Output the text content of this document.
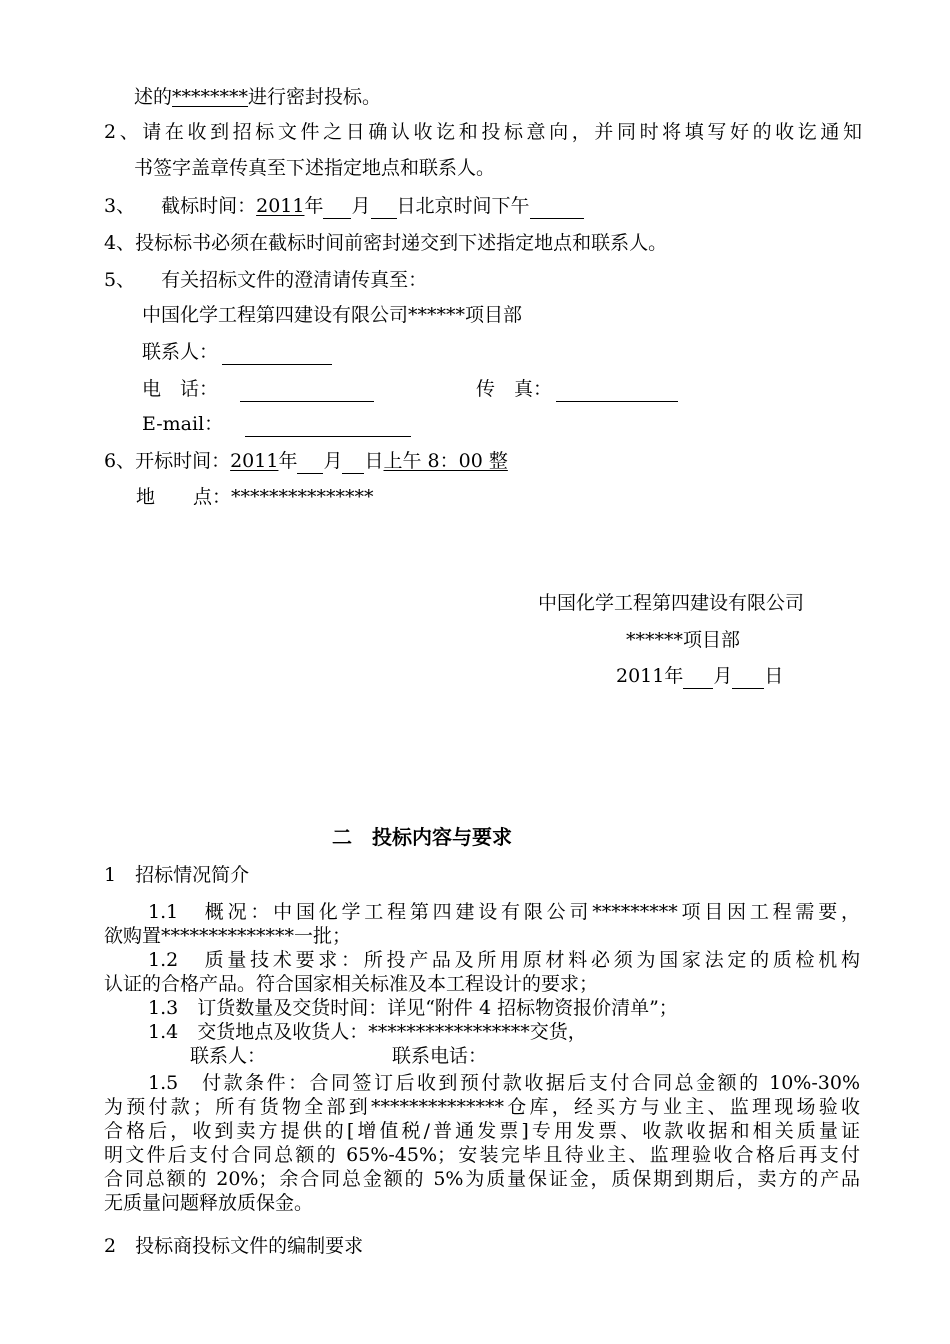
述的********进行密封投标。
2、请在收到招标文件之日确认收讫和投标意向，并同时将填写好的收讫通知
书签字盖章传真至下述指定地点和联系人。
3、 截标时间：2011年 月 日北京时间下午
4、投标标书必须在截标时间前密封递交到下述指定地点和联系人。
5、 有关招标文件的澄清请传真至：
中国化学工程第四建设有限公司******项目部
联系人：
电　话：	传　真：
E-mail：
6、开标时间：2011年 月 日上午 8：00 整
地　　点：***************
中国化学工程第四建设有限公司
******项目部
2011年 月 日
二　投标内容与要求
1　招标情况简介
1.1　概况：中国化学工程第四建设有限公司*********项目因工程需要，
欲购置**************一批；
1.2　质量技术要求：所投产品及所用原材料必须为国家法定的质检机构
认证的合格产品。符合国家相关标准及本工程设计的要求；
1.3　订货数量及交货时间：详见“附件 4 招标物资报价清单”；
1.4　交货地点及收货人：*****************交货，
联系人：	联系电话：
1.5　付款条件：合同签订后收到预付款收据后支付合同总金额的 10%-30%
为预付款；所有货物全部到**************仓库，经买方与业主、监理现场验收
合格后，收到卖方提供的[增值税/普通发票]专用发票、收款收据和相关质量证
明文件后支付合同总额的 65%-45%；安装完毕且待业主、监理验收合格后再支付
合同总额的 20%；余合同总金额的 5%为质量保证金，质保期到期后，卖方的产品
无质量问题释放质保金。
2　投标商投标文件的编制要求
